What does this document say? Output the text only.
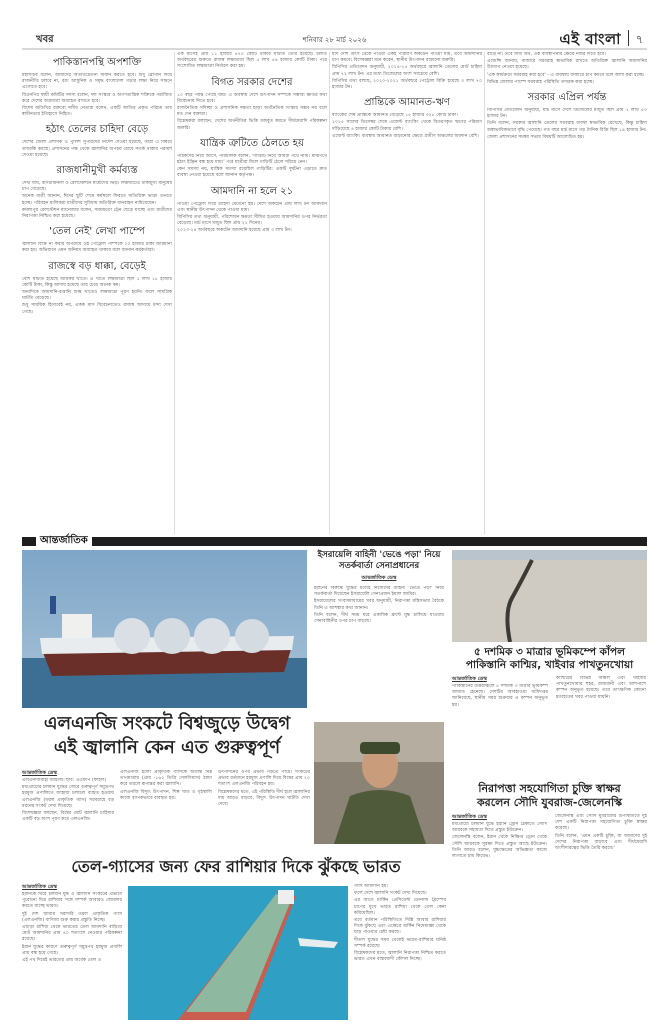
খবর	শনিবার ২৮ মার্চ ২০২৬	এই বাংলা ৭
পাকিস্তানপন্থি অপশক্তি

মহাসচিব বলেন, আমাদের অতীতচেতনা অর্জন করতে হবে। শুধু স্লোগান দিয়ে রাজনীতি চলবে না, বরং আধুনিক ও সমৃদ্ধ বাংলাদেশ গড়ার লক্ষ্য নিয়ে সামনে এগোতে হবে।

বিএনপির স্থায়ী কমিটির সদস্য বলেন, দল সংস্কার ও অগণতান্ত্রিক শক্তিকে পরাজিত করে দেশের অগ্রযাত্রা অব্যাহত রাখতে হবে।

বিশেষ অতিথির বক্তব্যে দলীয় নেতারা বলেন, একটি জাতির প্রকৃত পরিচয় তার স্বাধীনতার ইতিহাসে নিহিত।

হঠাৎ তেলের চাহিদা বেড়ে

দেশের জেলা প্রশাসক ও পুলিশ সুপারদের নির্দেশ দেওয়া হয়েছে, তারা এ বিষয়ে তদারকি করছে। প্রশাসনের পক্ষ থেকে জ্বালানির অপচয় রোধে সতর্ক থাকার পরামর্শ দেওয়া হয়েছে।

রাজধানীমুখী কর্মব্যস্ত

দেখা যায়, বাসটার্মিনাল ও রেলস্টেশনে যাত্রীদের ভিড়। লঞ্চঘাটেও ঢাকামুখী মানুষের চাপ বেড়েছে।

অনেক যাত্রী জানান, ঈদের ছুটি শেষে কর্মস্থলে ফিরতে অতিরিক্ত ভাড়া গুনতে হচ্ছে। পরিবহন মালিকরা যাত্রীদের সুবিধায় অতিরিক্ত যানবাহন নামিয়েছেন।

কমলাপুর রেলস্টেশন ম্যানেজার বলেন, সময়মতো ট্রেন ছেড়ে যাচ্ছে এবং যাত্রীদের নিরাপত্তা নিশ্চিত করা হয়েছে।

'তেল নেই' লেখা পাম্পে

জ্বালানি বিক্রি না করার অপরাধে ওই পেট্রোল পাম্পকে ২০ হাজার টাকা জরিমানা করা হয়। অভিযানে এমন অনিয়ম অব্যাহত থাকবে বলে জানান কর্মকর্তারা।

রাজস্বে বড় ধাক্কা, বেড়েই

বেশি ঘাটতি হয়েছে আয়কর খাতে। এ খাতে লক্ষ্যমাত্রা ছিল ১ লাখ ১৮ হাজার কোটি টাকা, কিন্তু আদায় হয়েছে তার চেয়ে অনেক কম।

অন্যদিকে আমদানি-রপ্তানি শুল্ক খাতেও লক্ষ্যমাত্রা পূরণ হয়নি। ফলে সামগ্রিক ঘাটতি বেড়েছে।

শুধু সাময়িক হিসাবেই নয়, একক মাস বিবেচনাতেও রাজস্ব আদায়ে মন্দা দেখা গেছে।

এক মাসেই প্রায় ১১ হাজার ৪৭০ কোটি টাকার ঘাটতি তৈরি হয়েছে। চলতি অর্থবছরের শুরুতে রাজস্ব লক্ষ্যমাত্রা ছিল ৫ লাখ ৫৪ হাজার কোটি টাকা। পরে সংশোধিত লক্ষ্যমাত্রা নির্ধারণ করা হয়।

বিগত সরকার দেশের

১০ বছর পর্যন্ত পৌঁছে যায়। এ অবস্থায় দেশে উৎপাদন সম্পর্কে সম্ভাব্য ক্ষতির কথা বিবেচনায় নিতে হবে।

রাজনৈতিক সদিচ্ছা ও প্রশাসনিক দক্ষতা ছাড়া অর্থনৈতিক সংস্কার সম্ভব নয় বলে মত দেন বক্তারা।

বিশ্লেষকরা বলছেন, দেশের অর্থনীতির ভিত্তি মজবুত করতে দীর্ঘমেয়াদি পরিকল্পনা জরুরি।

যান্ত্রিক ত্রুটিতে ঠেলতে হয়

পাঠকদের নিয়ে আসে, পরিচালক বলেন, 'গাড়িটি নিয়ে আমরা পথে নামি। মাঝপথে হঠাৎ ইঞ্জিন বন্ধ হয়ে যায়।' পরে যাত্রীরা মিলে গাড়িটি ঠেলে সরিয়ে নেন।

কেন সমস্যা নয়, যান্ত্রিক সমস্যা রয়েছিল গাড়িটির: একটি দুর্ঘটনা এড়াতে দ্রুত ব্যবস্থা নেওয়া হয়েছে বলে জানান কর্তৃপক্ষ।

আমদানি না হলে ২১

পাওয়া পেট্রোল দিয়ে চাহিদা মেটানো হয়। দেশে অকটেন প্রায় লাখ টন আমদানি এবং স্থানীয় উৎপাদন থেকে পাওয়া যায়।

বিপিসির তথ্য অনুযায়ী, পরিশোধন ক্ষমতা সীমিত হওয়ায় আমদানির ওপর নির্ভরতা বেড়েছে। মার্চ মাসে মজুত ছিল প্রায় ২১ দিনের।

২০২৩-২৪ অর্থবছরে অকটেন আমদানি হয়েছে প্রায় ৩ লাখ টন।

যদি দেশি উৎস থেকে পাওয়া একই পরিমাণ অকটেন পাওয়া যায়, তবে আমদানির চাপ কমবে। বিশেষজ্ঞরা মনে করেন, স্থানীয় উৎপাদন বাড়ানো জরুরি।

বিপিসির প্রতিবেদন অনুযায়ী, ২০২৪-২৫ অর্থবছরে জ্বালানি তেলের মোট চাহিদা প্রায় ৭২ লাখ টন। এর মধ্যে ডিজেলের অংশ সবচেয়ে বেশি।

বিপিসির তথ্য বলছে, ২০২০-২০২১ অর্থবছরে পেট্রোল বিক্রি হয়েছে ৩ লাখ ৭০ হাজার টন।

প্রান্তিকে আমানত-ঋণ

ব্যাংকের শেষ প্রান্তিকে আমানত বেড়েছে ১৫ হাজার ৩২৮ কোটি টাকা।

২০২৫ সালের ডিসেম্বর শেষে এজেন্ট ব্যাংকিং থেকে বিতরণকৃত ঋণের পরিমাণ দাঁড়িয়েছে ৪ হাজার কোটি টাকার বেশি।

এজেন্ট ব্যাংকিং ব্যবস্থায় আমানত বাড়ানোর ক্ষেত্রে গ্রামীণ অঞ্চলের অবদান বেশি।

বাড়ে না। তবে সাধ্য অর্থ, এক ব্যবস্থাপনার ক্ষেত্রে নজর দিতে হবে।

এজেন্সি জানায়, বাজারে সরবরাহ স্বাভাবিক রাখতে অতিরিক্ত জ্বালানি আমদানির উদ্যোগ নেওয়া হয়েছে।

'এক কার্যক্রমে সরবরাহ করা হবে' - এ ব্যবস্থায় বাজারে চাপ কমবে বলে আশা করা হচ্ছে।

বিভিন্ন জেলার পাম্পে সরবরাহ পরিস্থিতি তদারক করা হচ্ছে।

সরকার এপ্রিল পর্যন্ত

বিপিসির প্রতিবেদন অনুযায়ী, মার্চ মাসে দেশে ডিজেলের মজুত ছিল প্রায় ২ লাখ ৫০ হাজার টন।

তিনি বলেন, সরকার জ্বালানি তেলের সরবরাহ ব্যবস্থা স্বাভাবিক রেখেছে, কিন্তু চাহিদা অস্বাভাবিকভাবে বৃদ্ধি পেয়েছে। গত বছর মার্চ মাসে গড় দৈনিক বিক্রি ছিল ১৯ হাজার টন।

জেলা প্রশাসনের সমন্বয় সভায় বিষয়টি আলোচিত হয়।

আন্তর্জাতিক
ইসরায়েলি বাহিনী 'ভেঙে পড়া' নিয়ে সতর্কবার্তা সেনাপ্রধানের
আন্তর্জাতিক ডেস্ক

ইরানের বিরুদ্ধে যুদ্ধের মধ্যেই নিজেদের বাহিনী 'ভেঙে পড়া' নিয়ে সতর্কবার্তা দিয়েছেন ইসরায়েলি সেনাপ্রধান ইয়াল জামির।

ইসরায়েলের সংবাদমাধ্যমের খবর অনুযায়ী, নিরাপত্তা মন্ত্রিসভার বৈঠকে তিনি এ আশঙ্কার কথা জানান।

তিনি বলেন, দীর্ঘ সময় ধরে একাধিক ফ্রন্টে যুদ্ধ চালিয়ে যাওয়ায় সেনাবাহিনীর ওপর চাপ বাড়ছে।

৫ দশমিক ৩ মাত্রার ভূমিকম্পে কাঁপল
পাকিস্তানি কাশ্মির, খাইবার পাখতুনখোয়া
আন্তর্জাতিক ডেস্ক

পাকিস্তানের উত্তরাঞ্চলে ৫ দশমিক ৩ মাত্রার ভূমিকম্প আঘাত হেনেছে। দেশটির আবহাওয়া অধিদপ্তর জানিয়েছে, স্থানীয় সময় শুক্রবার এ কম্পন অনুভূত হয়।

কাশ্মিরের বিভিন্ন অঞ্চল এবং খাইবার পাখতুনখোয়ার শহর, রাজধানী এবং আশপাশে কম্পন অনুভূত হয়েছে। তবে তাৎক্ষণিক কোনো হতাহতের খবর পাওয়া যায়নি।

এলএনজি সংকটে বিশ্বজুড়ে উদ্বেগ
এই জ্বালানি কেন এত গুরুত্বপূর্ণ
আন্তর্জাতিক ডেস্ক

এলএনজিবাহী জাহাজ। ছবি: এএফপি (ফাইল)

মধ্যপ্রাচ্যের চলমান যুদ্ধের জেরে গুরুত্বপূর্ণ সমুদ্রপথ হরমুজ প্রণালিতে জাহাজ চলাচল ব্যাহত হওয়ায় এলএনজি (তরল প্রাকৃতিক গ্যাস) সরবরাহে বড় ধরনের সংকট দেখা দিয়েছে।

বিশেষজ্ঞরা বলছেন, বিশ্বের মোট জ্বালানি চাহিদার একটি বড় অংশ পূরণ করে এলএনজি।

এলএনজি হলো প্রাকৃতিক গ্যাসকে অত্যন্ত নিম্ন তাপমাত্রায় (প্রায় -১৬২ ডিগ্রি সেলসিয়াস) ঠান্ডা করে তরলে রূপান্তর করা জ্বালানি।

এলএনজি বিদ্যুৎ উৎপাদন, শিল্প খাত ও গৃহস্থালি কাজে ব্যাপকভাবে ব্যবহৃত হয়।

উৎপাদনের ওপর প্রভাব পড়তে পারে। সংকটের প্রভাব বর্তমানে হরমুজ প্রণালি দিয়ে বিশ্বের প্রায় ২০ শতাংশ এলএনজি পরিবহন হয়।

বিশ্লেষকদের মতে, এই পরিস্থিতি দীর্ঘ হলে জ্বালানির দাম আরও বাড়বে, বিদ্যুৎ উৎপাদন ঘাটতি দেখা দেবে।

নিরাপত্তা সহযোগিতা চুক্তি স্বাক্ষর
করলেন সৌদি যুবরাজ-জেলেনস্কি
আন্তর্জাতিক ডেস্ক

মধ্যপ্রাচ্যে চলমান যুদ্ধে ইরানি ড্রোন ঠেকাতে সৌদি আরবকে সহায়তা দিতে প্রস্তুত ইউক্রেন।

জেলেনস্কি বলেন, ইরান থেকে নিক্ষিপ্ত ড্রোন থেকে সৌদি আরবকে সুরক্ষা দিতে প্রস্তুত আছে ইউক্রেন। তিনি আরও বলেন, যুদ্ধক্ষেত্রের অভিজ্ঞতা কাজে লাগাতে চায় কিয়েভ।

জেলেনস্কি এবং সৌদি যুবরাজের উপস্থিতিতে দুই দেশ একটি নিরাপত্তা সহযোগিতা চুক্তি স্বাক্ষর করেছে।

তিনি বলেন, 'এমন একটি চুক্তি, যা আমাদের দুই দেশের নিরাপত্তা বাড়াবে এবং দীর্ঘমেয়াদি অংশীদারত্বের ভিত্তি তৈরি করবে।'

তেল-গ্যাসের জন্য ফের রাশিয়ার দিকে ঝুঁকছে ভারত
আন্তর্জাতিক ডেস্ক

ইরানকে ঘিরে চলমান যুদ্ধ ও জ্বালানি সংকটের প্রভাবে পুরোনো মিত্র রাশিয়ার সঙ্গে সম্পর্ক আবারও জোরদার করতে যাচ্ছে ভারত।

দুই দেশ আবার সরাসরি তরল প্রাকৃতিক গ্যাস (এলএনজি) বাণিজ্য শুরু করার প্রস্তুতি নিচ্ছে।

এছাড়া রাশিয়া থেকে ভারতের তেল আমদানি বাড়িয়ে মোট আমদানির প্রায় ৪০ শতাংশে নেওয়ার পরিকল্পনা রয়েছে।

ইরান যুদ্ধের কারণে গুরুত্বপূর্ণ সমুদ্রপথ হরমুজ প্রণালি প্রায় বন্ধ হয়ে গেছে।

এই পথ দিয়েই ভারতের প্রায় অর্ধেক তেল ও

গ্যাস আমদানি হয়।

ফলে দেশে জ্বালানি সংকট দেখা দিয়েছে।

এর আগে মার্কিন প্রেসিডেন্ট ডোনাল্ড ট্রাম্পের চাপের মুখে ভারত রাশিয়া থেকে তেল কেনা কমিয়েছিল।

তবে বর্তমান পরিস্থিতিতে দিল্লি আবার রাশিয়ার দিকে ঝুঁকছে এবং এক্ষেত্রে মার্কিন নিষেধাজ্ঞা থেকে ছাড় পাওয়ার চেষ্টা করছে।

শীতল যুদ্ধের সময় থেকেই ভারত-রাশিয়ার ঘনিষ্ঠ সম্পর্ক রয়েছে।

বিশ্লেষকদের মতে, জ্বালানি নিরাপত্তা নিশ্চিত করতে ভারত এখন বাস্তববাদী কৌশল নিচ্ছে।
